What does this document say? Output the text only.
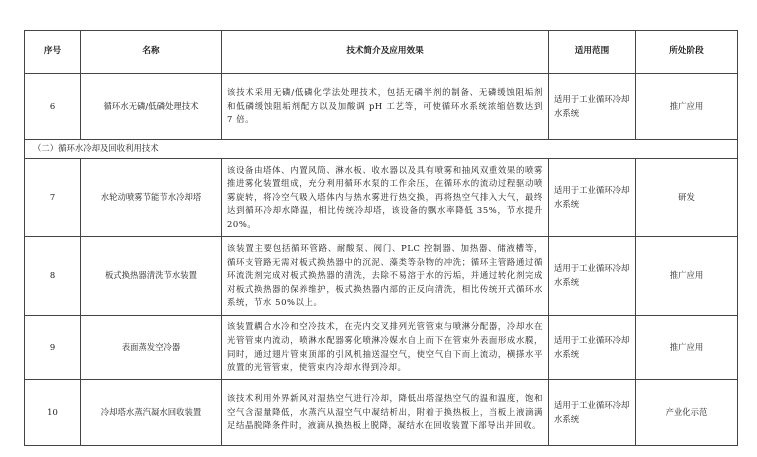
序号	名称	技术简介及应用效果	适用范围	所处阶段
6	循环水无磷/低磷处理技术	该技术采用无磷/低磷化学法处理技术，包括无磷半剂的制备、无磷缓蚀阻垢剂和低磷缓蚀阻垢剂配方以及加酸调 pH 工艺等，可使循环水系统浓缩倍数达到 7 倍。	适用于工业循环冷却水系统	推广应用
（二）循环水冷却及回收利用技术				
7	水轮动喷雾节能节水冷却塔	该设备由塔体、内置风筒、淋水板、收水器以及具有喷雾和抽风双重效果的喷雾推进雾化装置组成，充分利用循环水泵的工作余压，在循环水的流动过程驱动喷雾旋转，将冷空气吸入塔体内与热水雾进行热交换，再将热空气排入大气，最终达到循环冷却水降温，相比传统冷却塔，该设备的飘水率降低 35%，节水提升 20%。	适用于工业循环冷却水系统	研发
8	板式换热器清洗节水装置	该装置主要包括循环管路、耐酸泵、阀门、PLC 控制器、加热器、储液槽等，循环支管路无需对板式换热器中的沉泥、藻类等杂物的冲洗；循环主管路通过循环流洗剂完成对板式换热器的清洗，去除不易溶于水的污垢，并通过转化剂完成对板式换热器的保养维护，板式换热器内部的正反向清洗，相比传统开式循环水系统，节水 50%以上。	适用于工业循环冷却水系统	推广应用
9	表面蒸发空冷器	该装置耦合水冷和空冷技术，在壳内交叉排列光管管束与喷淋分配器，冷却水在光管管束内流动，喷淋水配器雾化喷淋冷媒水自上而下在管束外表面形成水膜，同时，通过翅片管束顶部的引风机抽送湿空气，使空气自下而上流动，横搽水平放置的光管管束，使管束内冷却水得到冷却。	适用于工业循环冷却水系统	推广应用
10	冷却塔水蒸汽凝水回收装置	该技术利用外界新风对湿热空气进行冷却，降低出塔湿热空气的温和温度，饱和空气含湿量降低，水蒸汽从湿空气中凝结析出，附着于换热板上，当板上液滴满足结晶脱降条件时，液滴从换热板上脱降，凝结水在回收装置下部导出并回收。	适用于工业循环冷却水系统	产业化示范
